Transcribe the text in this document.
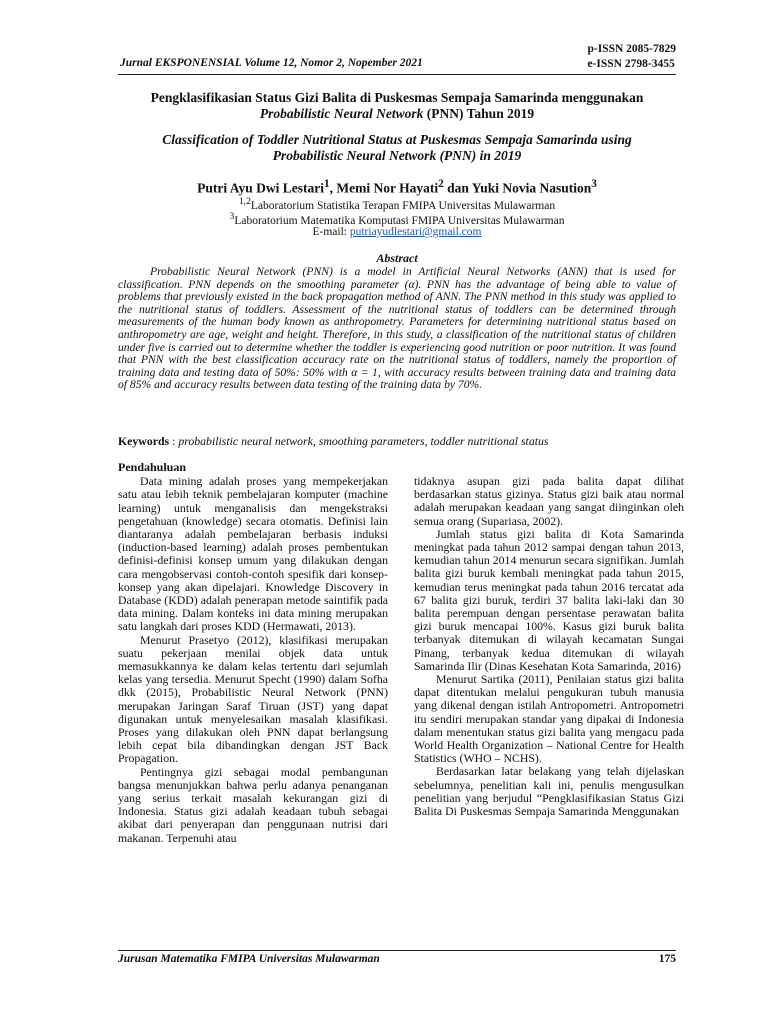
p-ISSN 2085-7829
e-ISSN 2798-3455
Jurnal EKSPONENSIAL Volume 12, Nomor 2, Nopember 2021
Pengklasifikasian Status Gizi Balita di Puskesmas Sempaja Samarinda menggunakan
Probabilistic Neural Network (PNN) Tahun 2019
Classification of Toddler Nutritional Status at Puskesmas Sempaja Samarinda using
Probabilistic Neural Network (PNN) in 2019
Putri Ayu Dwi Lestari$^1$, Memi Nor Hayati$^2$ dan Yuki Novia Nasution$^3$
$^{1,2}$Laboratorium Statistika Terapan FMIPA Universitas Mulawarman
$^3$Laboratorium Matematika Komputasi FMIPA Universitas Mulawarman
E-mail: putriayudlestari@gmail.com
Abstract
Probabilistic Neural Network (PNN) is a model in Artificial Neural Networks (ANN) that is used for classification. PNN depends on the smoothing parameter (α). PNN has the advantage of being able to value of problems that previously existed in the back propagation method of ANN. The PNN method in this study was applied to the nutritional status of toddlers. Assessment of the nutritional status of toddlers can be determined through measurements of the human body known as anthropometry. Parameters for determining nutritional status based on anthropometry are age, weight and height. Therefore, in this study, a classification of the nutritional status of children under five is carried out to determine whether the toddler is experiencing good nutrition or poor nutrition. It was found that PNN with the best classification accuracy rate on the nutritional status of toddlers, namely the proportion of training data and testing data of 50%: 50% with α = 1, with accuracy results between training data and training data of 85% and accuracy results between data testing of the training data by 70%.
Keywords : probabilistic neural network, smoothing parameters, toddler nutritional status
Pendahuluan

Data mining adalah proses yang mempekerjakan satu atau lebih teknik pembelajaran komputer (machine learning) untuk menganalisis dan mengekstraksi pengetahuan (knowledge) secara otomatis. Definisi lain diantaranya adalah pembelajaran berbasis induksi (induction-based learning) adalah proses pembentukan definisi-definisi konsep umum yang dilakukan dengan cara mengobservasi contoh-contoh spesifik dari konsep-konsep yang akan dipelajari. Knowledge Discovery in Database (KDD) adalah penerapan metode saintifik pada data mining. Dalam konteks ini data mining merupakan satu langkah dari proses KDD (Hermawati, 2013).

Menurut Prasetyo (2012), klasifikasi merupakan suatu pekerjaan menilai objek data untuk memasukkannya ke dalam kelas tertentu dari sejumlah kelas yang tersedia. Menurut Specht (1990) dalam Sofha dkk (2015), Probabilistic Neural Network (PNN) merupakan Jaringan Saraf Tiruan (JST) yang dapat digunakan untuk menyelesaikan masalah klasifikasi. Proses yang dilakukan oleh PNN dapat berlangsung lebih cepat bila dibandingkan dengan JST Back Propagation.

Pentingnya gizi sebagai modal pembangunan bangsa menunjukkan bahwa perlu adanya penanganan yang serius terkait masalah kekurangan gizi di Indonesia. Status gizi adalah keadaan tubuh sebagai akibat dari penyerapan dan penggunaan nutrisi dari makanan. Terpenuhi atau

tidaknya asupan gizi pada balita dapat dilihat berdasarkan status gizinya. Status gizi baik atau normal adalah merupakan keadaan yang sangat diinginkan oleh semua orang (Supariasa, 2002).

Jumlah status gizi balita di Kota Samarinda meningkat pada tahun 2012 sampai dengan tahun 2013, kemudian tahun 2014 menurun secara signifikan. Jumlah balita gizi buruk kembali meningkat pada tahun 2015, kemudian terus meningkat pada tahun 2016 tercatat ada 67 balita gizi buruk, terdiri 37 balita laki-laki dan 30 balita perempuan dengan persentase perawatan balita gizi buruk mencapai 100%. Kasus gizi buruk balita terbanyak ditemukan di wilayah kecamatan Sungai Pinang, terbanyak kedua ditemukan di wilayah Samarinda Ilir (Dinas Kesehatan Kota Samarinda, 2016)

Menurut Sartika (2011), Penilaian status gizi balita dapat ditentukan melalui pengukuran tubuh manusia yang dikenal dengan istilah Antropometri. Antropometri itu sendiri merupakan standar yang dipakai di Indonesia dalam menentukan status gizi balita yang mengacu pada World Health Organization – National Centre for Health Statistics (WHO – NCHS).

Berdasarkan latar belakang yang telah dijelaskan sebelumnya, penelitian kali ini, penulis mengusulkan penelitian yang berjudul “Pengklasifikasian Status Gizi Balita Di Puskesmas Sempaja Samarinda Menggunakan

Jurusan Matematika FMIPA Universitas Mulawarman	175
